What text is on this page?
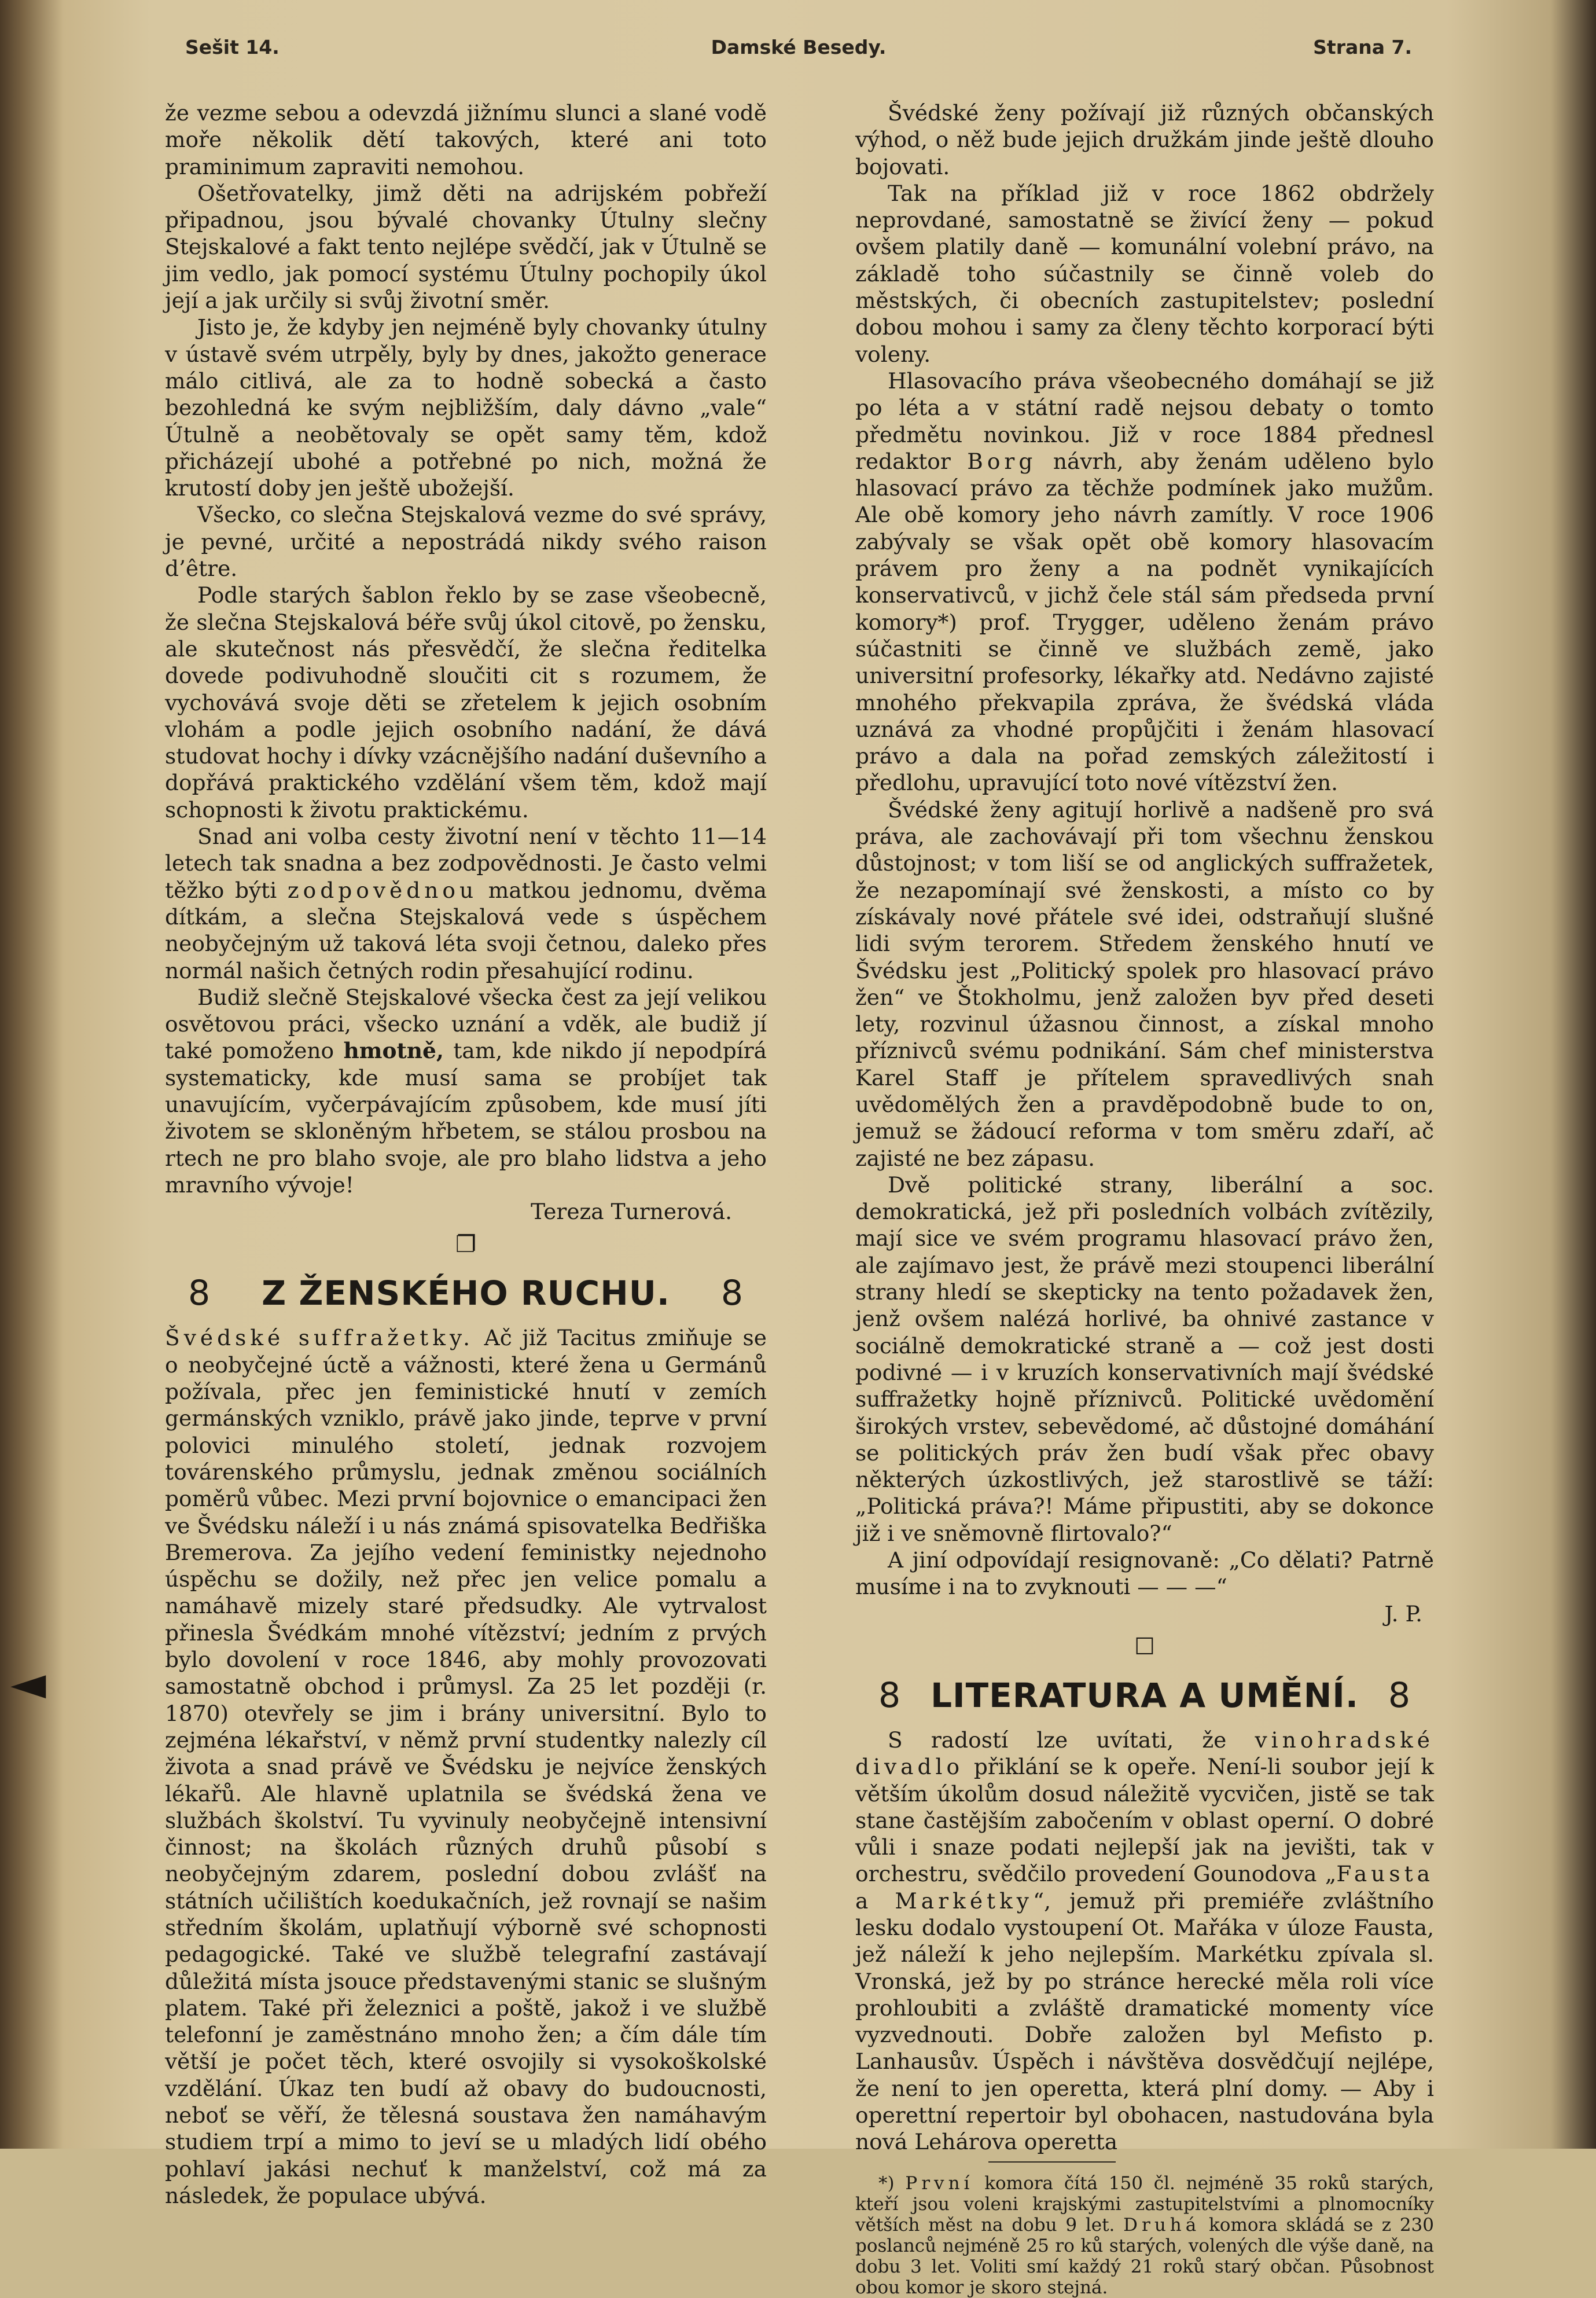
Sešit 14.	Damské Besedy.	Strana 7.
◄

že vezme sebou a odevzdá jižnímu slunci a slané vodě moře několik dětí takových, které ani toto praminimum zapraviti nemohou.

Ošetřovatelky, jimž děti na adrijském pobřeží připadnou, jsou bývalé chovanky Útulny slečny Stejskalové a fakt tento nejlépe svědčí, jak v Útulně se jim vedlo, jak pomocí systému Útulny pochopily úkol její a jak určily si svůj životní směr.

Jisto je, že kdyby jen nejméně byly chovanky útulny v ústavě svém utrpěly, byly by dnes, jakožto generace málo citlivá, ale za to hodně sobecká a často bezohledná ke svým nejbližším, daly dávno „vale“ Útulně a neobětovaly se opět samy těm, kdož přicházejí ubohé a potřebné po nich, možná že krutostí doby jen ještě ubožejší.

Všecko, co slečna Stejskalová vezme do své správy, je pevné, určité a nepostrádá nikdy svého raison d’être.

Podle starých šablon řeklo by se zase všeobecně, že slečna Stejskalová béře svůj úkol citově, po žensku, ale skutečnost nás přesvědčí, že slečna ředitelka dovede podivuhodně sloučiti cit s rozumem, že vychovává svoje děti se zřetelem k jejich osobním vlohám a podle jejich osobního nadání, že dává studovat hochy i dívky vzácnějšího nadání duševního a dopřává praktického vzdělání všem těm, kdož mají schopnosti k životu praktickému.

Snad ani volba cesty životní není v těchto 11—14 letech tak snadna a bez zodpovědnosti. Je často velmi těžko býti zodpovědnou matkou jednomu, dvěma dítkám, a slečna Stejskalová vede s úspěchem neobyčejným už taková léta svoji četnou, daleko přes normál našich četných rodin přesahující rodinu.

Budiž slečně Stejskalové všecka čest za její velikou osvětovou práci, všecko uznání a vděk, ale budiž jí také pomoženo hmotně, tam, kde nikdo jí nepodpírá systematicky, kde musí sama se probíjet tak unavujícím, vyčerpávajícím způsobem, kde musí jíti životem se skloněným hřbetem, se stálou prosbou na rtech ne pro blaho svoje, ale pro blaho lidstva a jeho mravního vývoje!

Tereza Turnerová.

❐
8 Z ŽENSKÉHO RUCHU. 8

Švédské suffražetky. Ač již Tacitus zmiňuje se o neobyčejné úctě a vážnosti, které žena u Germánů požívala, přec jen feministické hnutí v zemích germánských vzniklo, právě jako jinde, teprve v první polovici minulého století, jednak rozvojem továrenského průmyslu, jednak změnou sociálních poměrů vůbec. Mezi první bojovnice o emancipaci žen ve Švédsku náleží i u nás známá spisovatelka Bedřiška Bremerova. Za jejího vedení feministky nejednoho úspěchu se dožily, než přec jen velice pomalu a namáhavě mizely staré předsudky. Ale vytrvalost přinesla Švédkám mnohé vítězství; jedním z prvých bylo dovolení v roce 1846, aby mohly provozovati samostatně obchod i průmysl. Za 25 let později (r. 1870) otevřely se jim i brány universitní. Bylo to zejména lékařství, v němž první studentky nalezly cíl života a snad právě ve Švédsku je nejvíce ženských lékařů. Ale hlavně uplatnila se švédská žena ve službách školství. Tu vyvinuly neobyčejně intensivní činnost; na školách různých druhů působí s neobyčejným zdarem, poslední dobou zvlášť na státních učilištích koedukačních, jež rovnají se našim středním školám, uplatňují výborně své schopnosti pedagogické. Také ve službě telegrafní zastávají důležitá místa jsouce představenými stanic se slušným platem. Také při železnici a poště, jakož i ve službě telefonní je zaměstnáno mnoho žen; a čím dále tím větší je počet těch, které osvojily si vysokoškolské vzdělání. Úkaz ten budí až obavy do budoucnosti, neboť se věří, že tělesná soustava žen namáhavým studiem trpí a mimo to jeví se u mladých lidí obého pohlaví jakási nechuť k manželství, což má za následek, že populace ubývá.

Švédské ženy požívají již různých občanských výhod, o něž bude jejich družkám jinde ještě dlouho bojovati.

Tak na příklad již v roce 1862 obdržely neprovdané, samostatně se živící ženy — pokud ovšem platily daně — komunální volební právo, na základě toho súčastnily se činně voleb do městských, či obecních zastupitelstev; poslední dobou mohou i samy za členy těchto korporací býti voleny.

Hlasovacího práva všeobecného domáhají se již po léta a v státní radě nejsou debaty o tomto předmětu novinkou. Již v roce 1884 přednesl redaktor Borg návrh, aby ženám uděleno bylo hlasovací právo za těchže podmínek jako mužům. Ale obě komory jeho návrh zamítly. V roce 1906 zabývaly se však opět obě komory hlasovacím právem pro ženy a na podnět vynikajících konservativců, v jichž čele stál sám předseda první komory*) prof. Trygger, uděleno ženám právo súčastniti se činně ve službách země, jako universitní profesorky, lékařky atd. Nedávno zajisté mnohého překvapila zpráva, že švédská vláda uznává za vhodné propůjčiti i ženám hlasovací právo a dala na pořad zemských záležitostí i předlohu, upravující toto nové vítězství žen.

Švédské ženy agitují horlivě a nadšeně pro svá práva, ale zachovávají při tom všechnu ženskou důstojnost; v tom liší se od anglických suffražetek, že nezapomínají své ženskosti, a místo co by získávaly nové přátele své idei, odstraňují slušné lidi svým terorem. Středem ženského hnutí ve Švédsku jest „Politický spolek pro hlasovací právo žen“ ve Štokholmu, jenž založen byv před deseti lety, rozvinul úžasnou činnost, a získal mnoho příznivců svému podnikání. Sám chef ministerstva Karel Staff je přítelem spravedlivých snah uvědomělých žen a pravděpodobně bude to on, jemuž se žádoucí reforma v tom směru zdaří, ač zajisté ne bez zápasu.

Dvě politické strany, liberální a soc. demokratická, jež při posledních volbách zvítězily, mají sice ve svém programu hlasovací právo žen, ale zajímavo jest, že právě mezi stoupenci liberální strany hledí se skepticky na tento požadavek žen, jenž ovšem nalézá horlivé, ba ohnivé zastance v sociálně demokratické straně a — což jest dosti podivné — i v kruzích konservativních mají švédské suffražetky hojně příznivců. Politické uvědomění širokých vrstev, sebevědomé, ač důstojné domáhání se politických práv žen budí však přec obavy některých úzkostlivých, jež starostlivě se táží: „Politická práva?! Máme připustiti, aby se dokonce již i ve sněmovně flirtovalo?“

A jiní odpovídají resignovaně: „Co dělati? Patrně musíme i na to zvyknouti — — —“

J. P.

☐
8 LITERATURA A UMĚNÍ. 8

S radostí lze uvítati, že vinohradské divadlo přiklání se k opeře. Není-li soubor její k větším úkolům dosud náležitě vycvičen, jistě se tak stane častějším zabočením v oblast operní. O dobré vůli i snaze podati nejlepší jak na jevišti, tak v orchestru, svědčilo provedení Gounodova „Fausta a Markétky“, jemuž při premiéře zvláštního lesku dodalo vystoupení Ot. Mařáka v úloze Fausta, jež náleží k jeho nejlepším. Markétku zpívala sl. Vronská, jež by po stránce herecké měla roli více prohloubiti a zvláště dramatické momenty více vyzvednouti. Dobře založen byl Mefisto p. Lanhausův. Úspěch i návštěva dosvědčují nejlépe, že není to jen operetta, která plní domy. — Aby i operettní repertoir byl obohacen, nastudována byla nová Lehárova operetta

*) První komora čítá 150 čl. nejméně 35 roků starých, kteří jsou voleni krajskými zastupitelstvími a plnomocníky větších měst na dobu 9 let. Druhá komora skládá se z 230 poslanců nejméně 25 ro ků starých, volených dle výše daně, na dobu 3 let. Voliti smí každý 21 roků starý občan. Působnost obou komor je skoro stejná.
